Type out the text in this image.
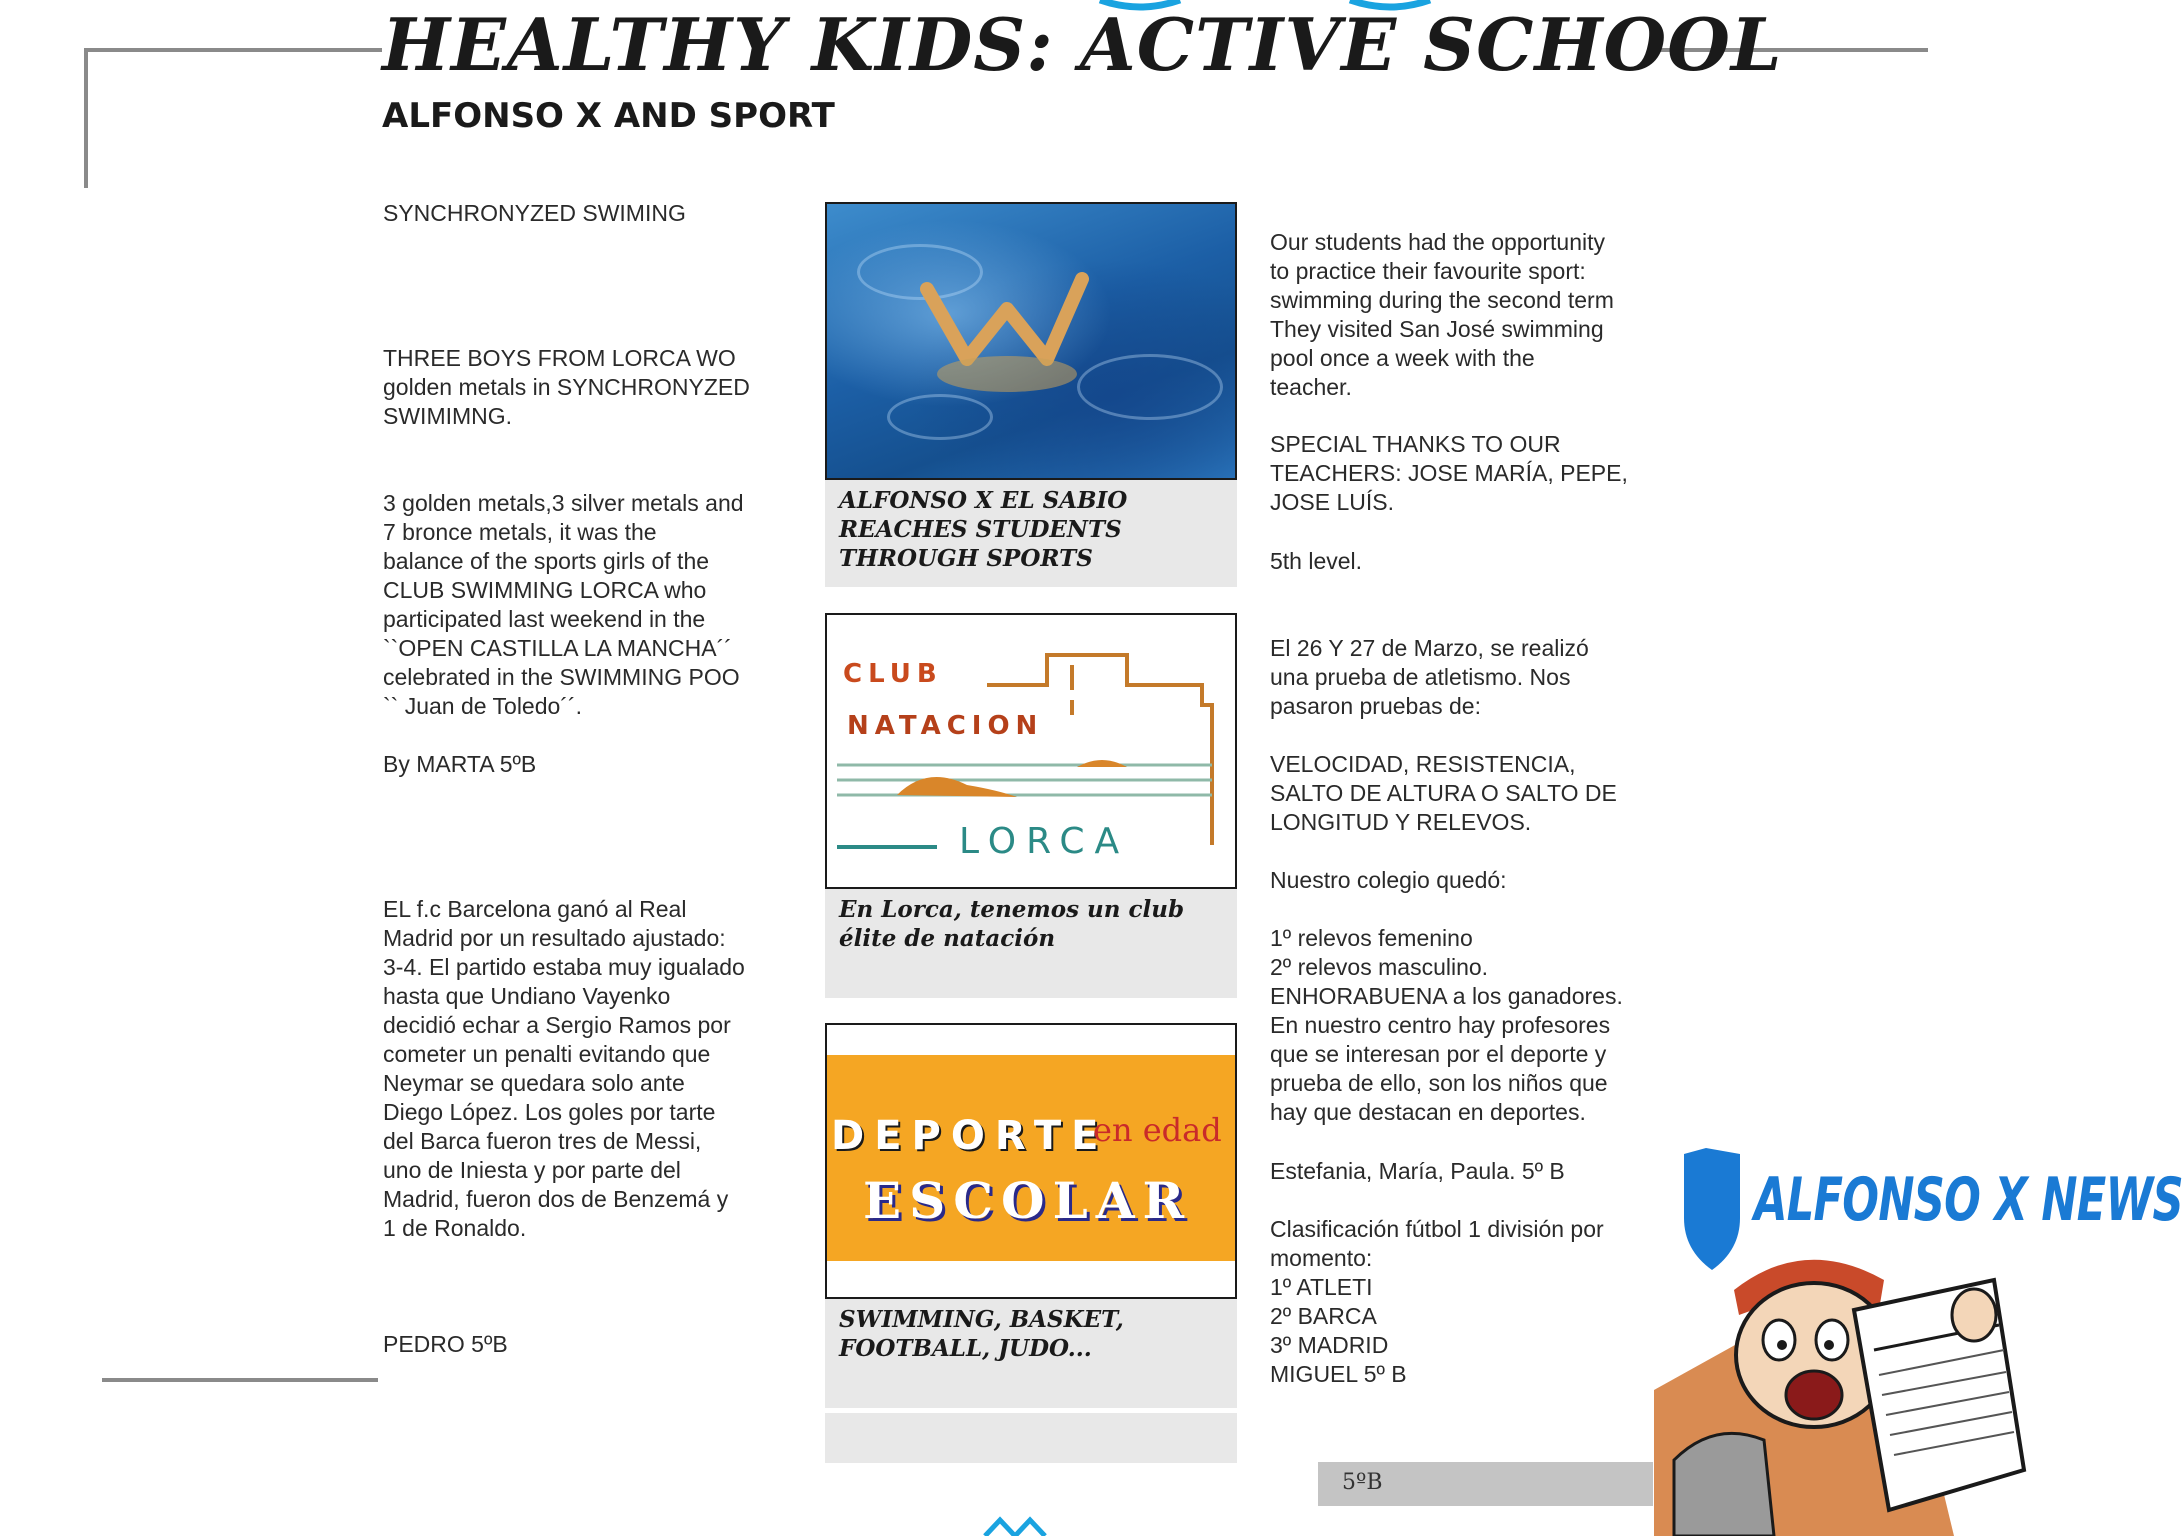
HEALTHY KIDS: ACTIVE SCHOOL
ALFONSO X AND SPORT

SYNCHRONYZED SWIMING

THREE BOYS FROM LORCA WO
golden metals in SYNCHRONYZED
SWIMIMNG.

3 golden metals,3 silver metals and
7 bronce metals, it was the
balance of the sports girls of the
CLUB SWIMMING LORCA who
participated last weekend in the
``OPEN CASTILLA LA MANCHA´´
celebrated in the SWIMMING POO
`` Juan de Toledo´´.

By MARTA 5ºB

EL f.c Barcelona ganó al Real
Madrid por un resultado ajustado:
3-4. El partido estaba muy igualado
hasta que Undiano Vayenko
decidió echar a Sergio Ramos por
cometer un penalti evitando que
Neymar se quedara solo ante
Diego López. Los goles por tarte
del Barca fueron tres de Messi,
uno de Iniesta y por parte del
Madrid, fueron dos de Benzemá y
1 de Ronaldo.

PEDRO 5ºB

ALFONSO X EL SABIO
REACHES STUDENTS
THROUGH SPORTS
CLUB
NATACION
LORCA
En Lorca, tenemos un club
élite de natación
DEPORTE
en edad
ESCOLAR
SWIMMING, BASKET,
FOOTBALL, JUDO...

Our students had the opportunity
to practice their favourite sport:
swimming during the second term
They visited San José swimming
pool once a week with the
teacher.

SPECIAL THANKS TO OUR
TEACHERS: JOSE MARÍA, PEPE,
JOSE LUÍS.

5th level.

El 26 Y 27 de Marzo, se realizó
una prueba de atletismo. Nos
pasaron pruebas de:

VELOCIDAD, RESISTENCIA,
SALTO DE ALTURA O SALTO DE
LONGITUD Y RELEVOS.

Nuestro colegio quedó:

1º relevos femenino
2º relevos masculino.
ENHORABUENA a los ganadores.
En nuestro centro hay profesores
que se interesan por el deporte y
prueba de ello, son los niños que
hay que destacan en deportes.

Estefania, María, Paula. 5º B

Clasificación fútbol 1 división por
momento:
1º ATLETI
2º BARCA
3º MADRID
MIGUEL 5º B

5ºB
ALFONSO X NEWS
